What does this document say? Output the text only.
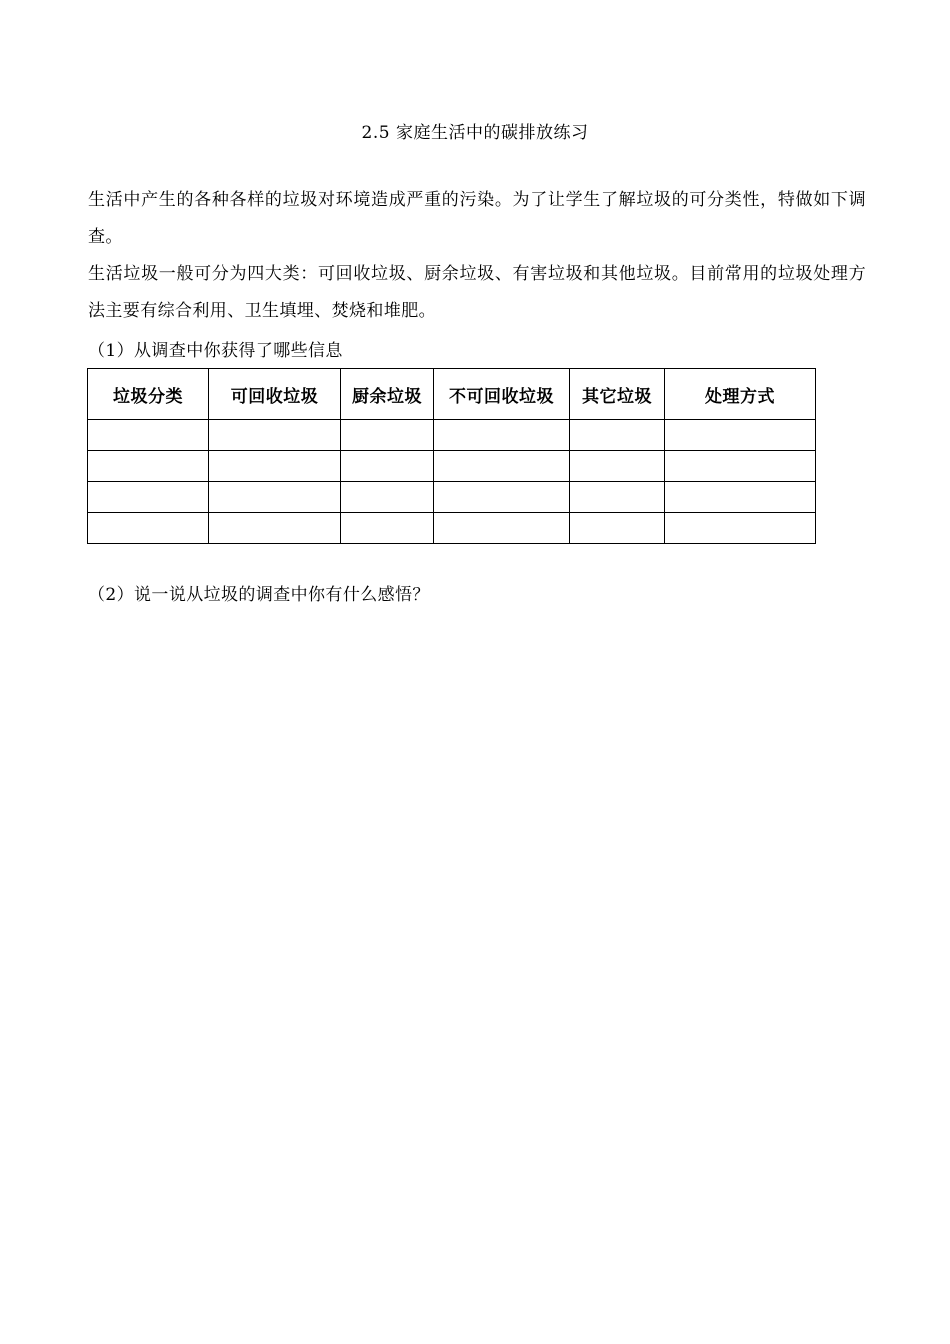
2.5 家庭生活中的碳排放练习
生活中产生的各种各样的垃圾对环境造成严重的污染。为了让学生了解垃圾的可分类性，特做如下调查。
生活垃圾一般可分为四大类：可回收垃圾、厨余垃圾、有害垃圾和其他垃圾。目前常用的垃圾处理方法主要有综合利用、卫生填埋、焚烧和堆肥。
（1）从调查中你获得了哪些信息
垃圾分类	可回收垃圾	厨余垃圾	不可回收垃圾	其它垃圾	处理方式

（2）说一说从垃圾的调查中你有什么感悟？
